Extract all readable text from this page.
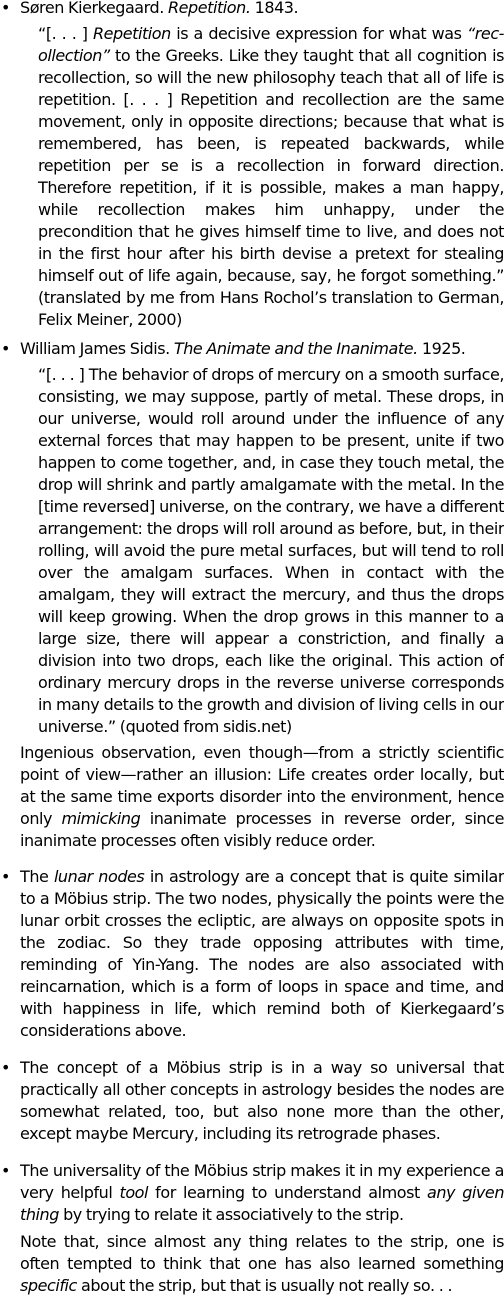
• Søren Kierkegaard. Repetition. 1843.

“[. . . ] Repetition is a decisive expression for what was “rec-ollection” to the Greeks. Like they taught that all cognition is recollection, so will the new philosophy teach that all of life is repetition. [. . . ] Repetition and recollection are the same movement, only in opposite directions; because that what is remembered, has been, is repeated backwards, while repetition per se is a recollection in forward direction. Therefore repetition, if it is possible, makes a man happy, while recollection makes him unhappy, under the precondition that he gives himself time to live, and does not in the first hour after his birth devise a pretext for stealing himself out of life again, because, say, he forgot something.” (translated by me from Hans Rochol’s translation to German, Felix Meiner, 2000)

• William James Sidis. The Animate and the Inanimate. 1925.

“[. . . ] The behavior of drops of mercury on a smooth surface, consisting, we may suppose, partly of metal. These drops, in our universe, would roll around under the influence of any external forces that may happen to be present, unite if two happen to come together, and, in case they touch metal, the drop will shrink and partly amalgamate with the metal. In the [time reversed] universe, on the contrary, we have a different arrangement: the drops will roll around as before, but, in their rolling, will avoid the pure metal surfaces, but will tend to roll over the amalgam surfaces. When in contact with the amalgam, they will extract the mercury, and thus the drops will keep growing. When the drop grows in this manner to a large size, there will appear a constriction, and finally a division into two drops, each like the original. This action of ordinary mercury drops in the reverse universe corresponds in many details to the growth and division of living cells in our universe.” (quoted from sidis.net)

Ingenious observation, even though—from a strictly scientific point of view—rather an illusion: Life creates order locally, but at the same time exports disorder into the environment, hence only mimicking inanimate processes in reverse order, since inanimate processes often visibly reduce order.

• The lunar nodes in astrology are a concept that is quite similar to a Möbius strip. The two nodes, physically the points were the lunar orbit crosses the ecliptic, are always on opposite spots in the zodiac. So they trade opposing attributes with time, reminding of Yin-Yang. The nodes are also associated with reincarnation, which is a form of loops in space and time, and with happiness in life, which remind both of Kierkegaard’s considerations above.

• The concept of a Möbius strip is in a way so universal that practically all other concepts in astrology besides the nodes are somewhat related, too, but also none more than the other, except maybe Mercury, including its retrograde phases.

• The universality of the Möbius strip makes it in my experience a very helpful tool for learning to understand almost any given thing by trying to relate it associatively to the strip.

Note that, since almost any thing relates to the strip, one is often tempted to think that one has also learned something specific about the strip, but that is usually not really so. . .
